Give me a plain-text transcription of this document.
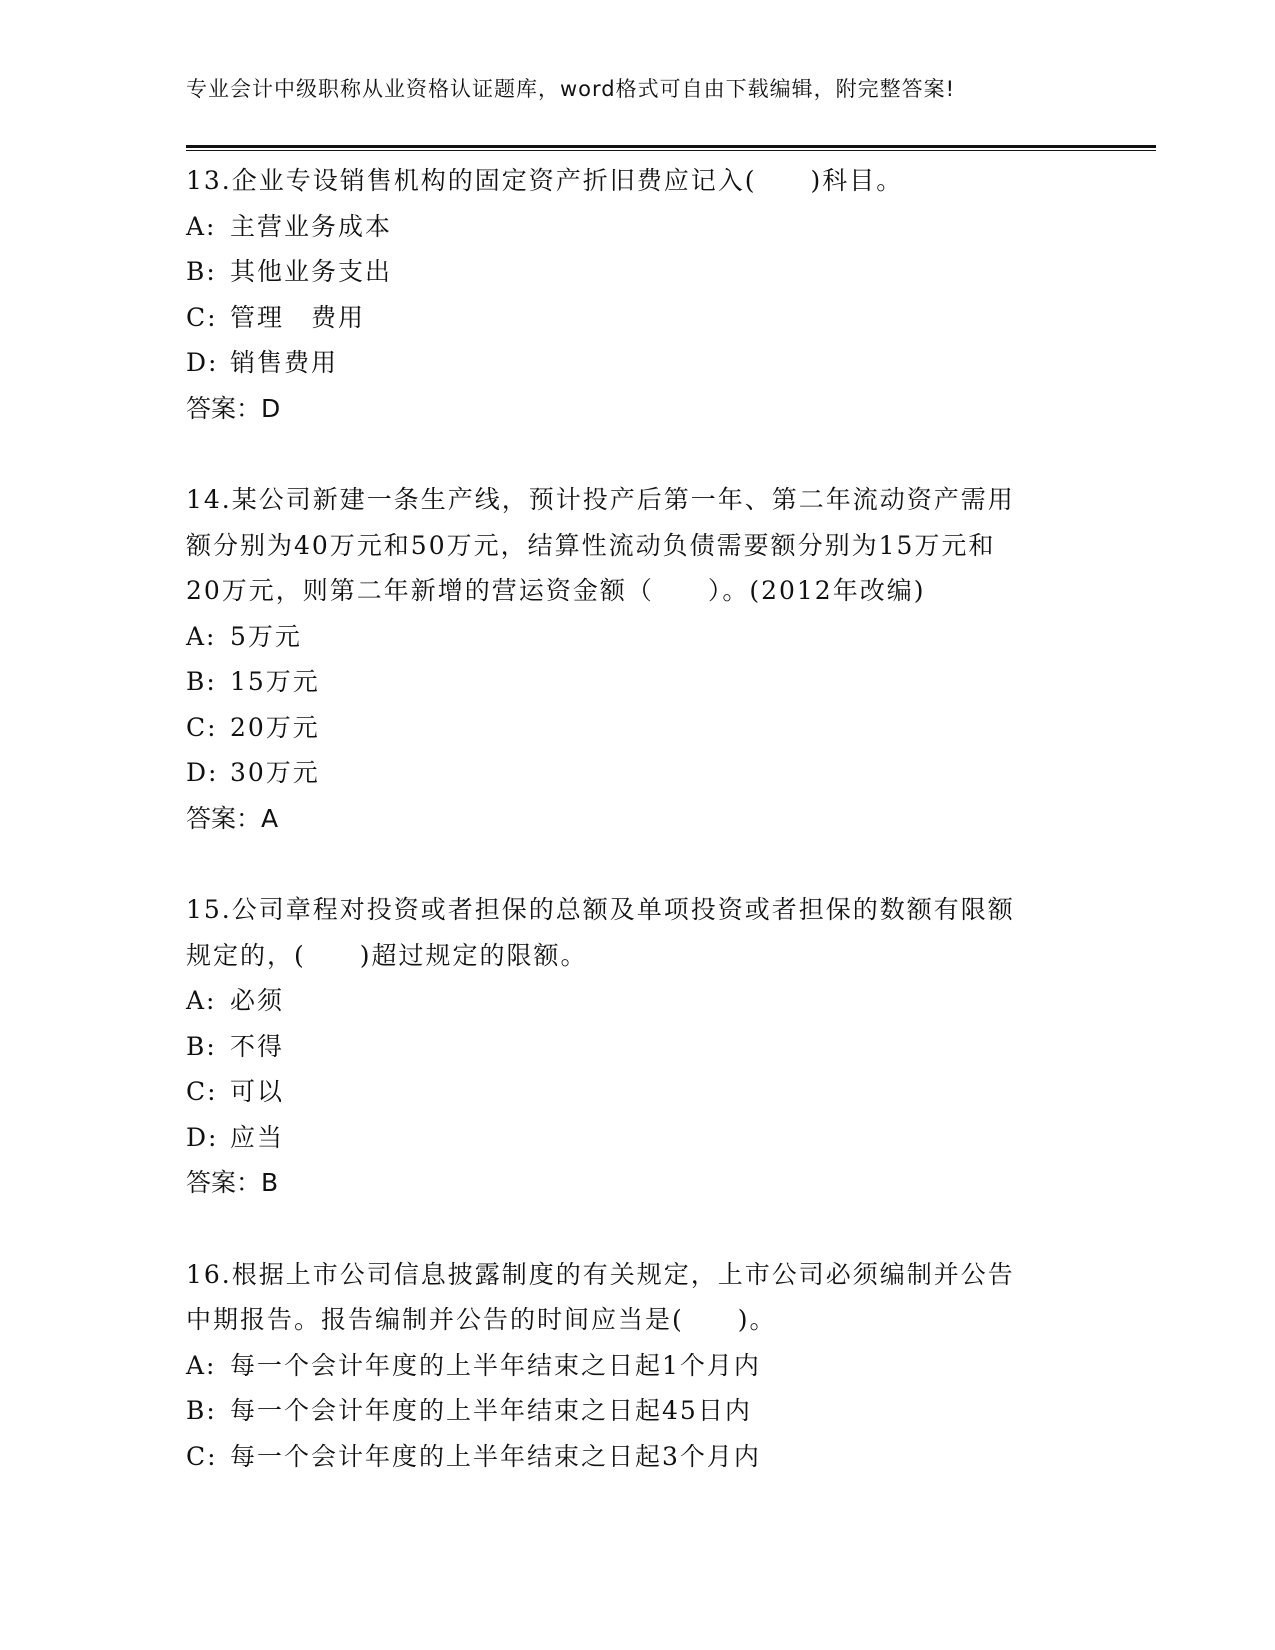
专业会计中级职称从业资格认证题库，word格式可自由下载编辑，附完整答案!
13.企业专设销售机构的固定资产折旧费应记入(　　)科目。
A: 主营业务成本
B: 其他业务支出
C: 管理　费用
D: 销售费用
答案：D
14.某公司新建一条生产线，预计投产后第一年、第二年流动资产需用
额分别为40万元和50万元，结算性流动负债需要额分别为15万元和
20万元，则第二年新增的营运资金额（　　）。(2012年改编)
A: 5万元
B: 15万元
C: 20万元
D: 30万元
答案：A
15.公司章程对投资或者担保的总额及单项投资或者担保的数额有限额
规定的，(　　)超过规定的限额。
A: 必须
B: 不得
C: 可以
D: 应当
答案：B
16.根据上市公司信息披露制度的有关规定，上市公司必须编制并公告
中期报告。报告编制并公告的时间应当是(　　)。
A: 每一个会计年度的上半年结束之日起1个月内
B: 每一个会计年度的上半年结束之日起45日内
C: 每一个会计年度的上半年结束之日起3个月内
